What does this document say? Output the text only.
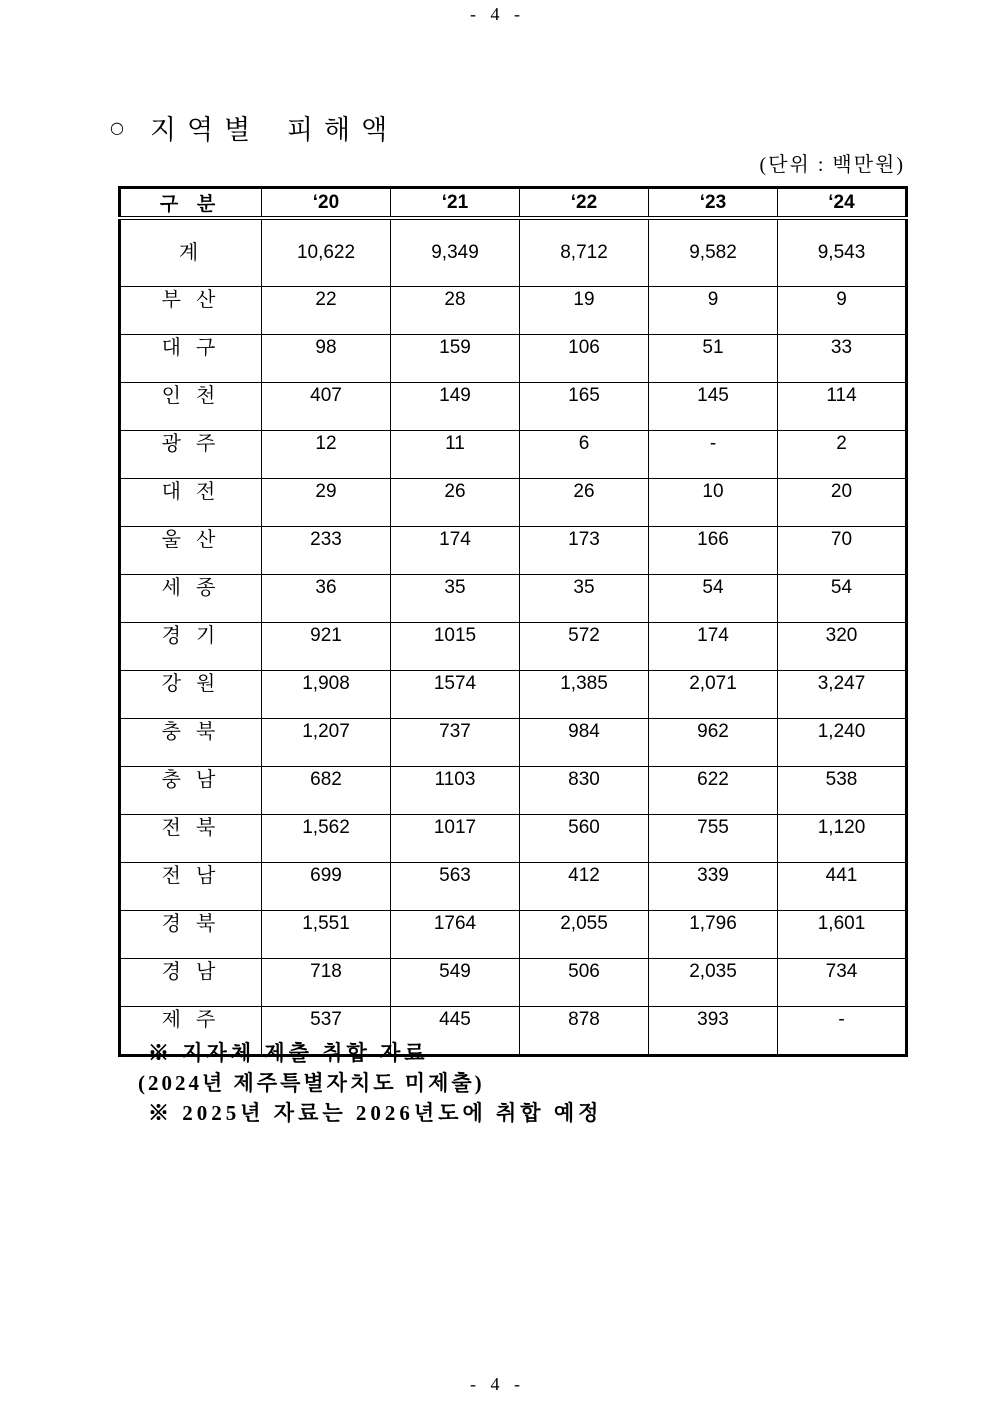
- 4 -
○ 지역별 피해액
(단위 : 백만원)
구 분	‘20	‘21	‘22	‘23	‘24
계	10,622	9,349	8,712	9,582	9,543
부 산	22	28	19	9	9
대 구	98	159	106	51	33
인 천	407	149	165	145	114
광 주	12	11	6	-	2
대 전	29	26	26	10	20
울 산	233	174	173	166	70
세 종	36	35	35	54	54
경 기	921	1015	572	174	320
강 원	1,908	1574	1,385	2,071	3,247
충 북	1,207	737	984	962	1,240
충 남	682	1103	830	622	538
전 북	1,562	1017	560	755	1,120
전 남	699	563	412	339	441
경 북	1,551	1764	2,055	1,796	1,601
경 남	718	549	506	2,035	734
제 주	537	445	878	393	-
※ 지자체 제출 취합 자료
(2024년 제주특별자치도 미제출)
※ 2025년 자료는 2026년도에 취합 예정
- 4 -
